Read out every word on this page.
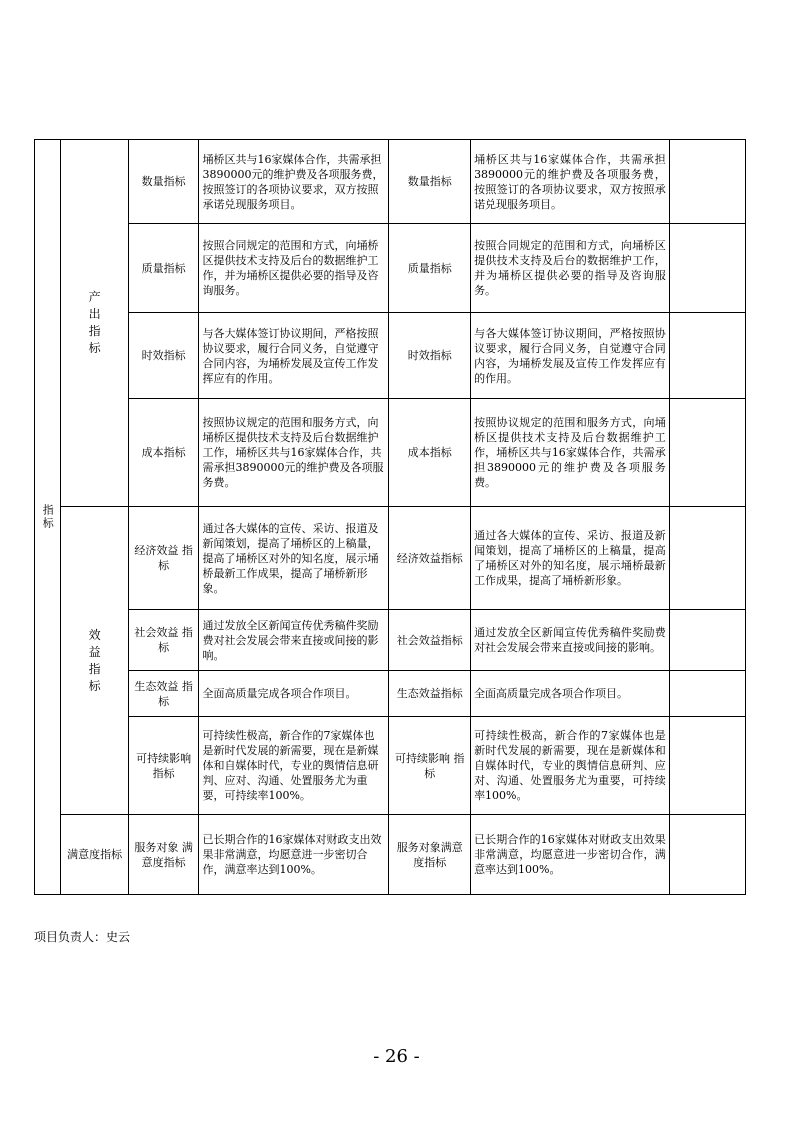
指标	产出指标	数量指标	埇桥区共与16家媒体合作，共需承担3890000元的维护费及各项服务费，按照签订的各项协议要求，双方按照承诺兑现服务项目。	数量指标	埇桥区共与16家媒体合作，共需承担3890000元的维护费及各项服务费，按照签订的各项协议要求，双方按照承诺兑现服务项目。	
		质量指标	按照合同规定的范围和方式，向埇桥区提供技术支持及后台的数据维护工作，并为埇桥区提供必要的指导及咨询服务。	质量指标	按照合同规定的范围和方式，向埇桥区提供技术支持及后台的数据维护工作，并为埇桥区提供必要的指导及咨询服务。	
		时效指标	与各大媒体签订协议期间，严格按照协议要求，履行合同义务，自觉遵守合同内容，为埇桥发展及宣传工作发挥应有的作用。	时效指标	与各大媒体签订协议期间，严格按照协议要求，履行合同义务，自觉遵守合同内容，为埇桥发展及宣传工作发挥应有的作用。	
		成本指标	按照协议规定的范围和服务方式，向埇桥区提供技术支持及后台数据维护工作，埇桥区共与16家媒体合作，共需承担3890000元的维护费及各项服务费。	成本指标	按照协议规定的范围和服务方式，向埇桥区提供技术支持及后台数据维护工作，埇桥区共与16家媒体合作，共需承担3890000元的维护费及各项服务费。	
	效益指标	经济效益 指标	通过各大媒体的宣传、采访、报道及新闻策划，提高了埇桥区的上稿量，提高了埇桥区对外的知名度，展示埇桥最新工作成果，提高了埇桥新形象。	经济效益指标	通过各大媒体的宣传、采访、报道及新闻策划，提高了埇桥区的上稿量，提高了埇桥区对外的知名度，展示埇桥最新工作成果，提高了埇桥新形象。	
		社会效益 指标	通过发放全区新闻宣传优秀稿件奖励费对社会发展会带来直接或间接的影响。	社会效益指标	通过发放全区新闻宣传优秀稿件奖励费对社会发展会带来直接或间接的影响。	
		生态效益 指标	全面高质量完成各项合作项目。	生态效益指标	全面高质量完成各项合作项目。	
		可持续影响 指标	可持续性极高，新合作的7家媒体也是新时代发展的新需要，现在是新媒体和自媒体时代，专业的舆情信息研判、应对、沟通、处置服务尤为重要，可持续率100%。	可持续影响 指标	可持续性极高，新合作的7家媒体也是新时代发展的新需要，现在是新媒体和自媒体时代，专业的舆情信息研判、应对、沟通、处置服务尤为重要，可持续率100%。	
	满意度指标	服务对象 满意度指标	已长期合作的16家媒体对财政支出效果非常满意，均愿意进一步密切合作，满意率达到100%。	服务对象满意度指标	已长期合作的16家媒体对财政支出效果非常满意，均愿意进一步密切合作，满意率达到100%。	
项目负责人：史云
- 26 -
